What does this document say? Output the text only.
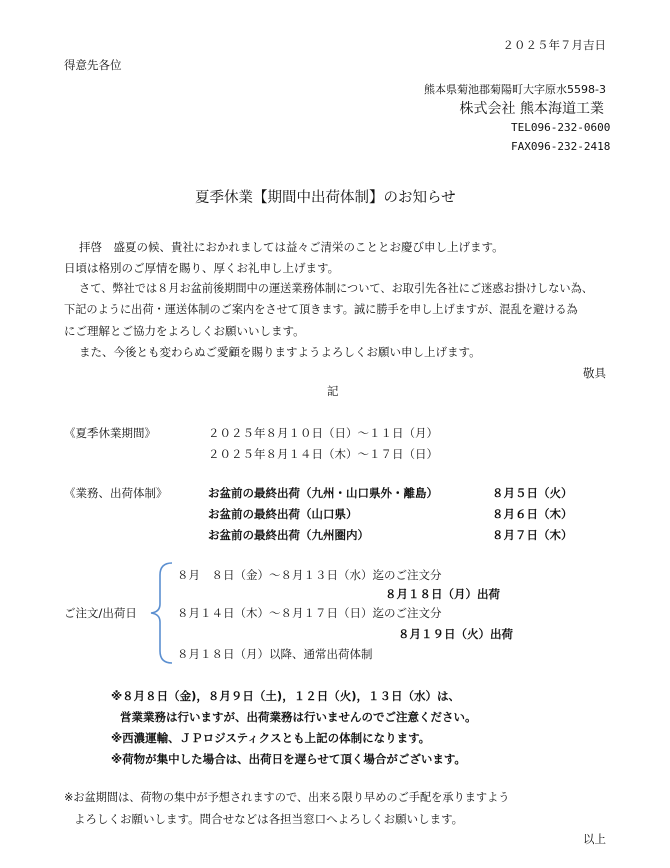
２０２５年７月吉日
得意先各位
熊本県菊池郡菊陽町大字原水5598-3
株式会社 熊本海道工業
TEL096-232-0600
FAX096-232-2418
夏季休業【期間中出荷体制】のお知らせ
拝啓　盛夏の候、貴社におかれましては益々ご清栄のこととお慶び申し上げます。
日頃は格別のご厚情を賜り、厚くお礼申し上げます。
さて、弊社では８月お盆前後期間中の運送業務体制について、お取引先各社にご迷惑お掛けしない為、
下記のように出荷・運送体制のご案内をさせて頂きます。誠に勝手を申し上げますが、混乱を避ける為
にご理解とご協力をよろしくお願いいします。
また、今後とも変わらぬご愛顧を賜りますようよろしくお願い申し上げます。
敬具
記
《夏季休業期間》	２０２５年８月１０日（日）～１１日（月）
２０２５年８月１４日（木）～１７日（日）
《業務、出荷体制》	お盆前の最終出荷（九州・山口県外・離島）	８月５日（火）
お盆前の最終出荷（山口県）	８月６日（木）
お盆前の最終出荷（九州圏内）	８月７日（木）
ご注文/出荷日
８月　８日（金）～８月１３日（水）迄のご注文分
８月１８日（月）出荷
８月１４日（木）～８月１７日（日）迄のご注文分
８月１９日（火）出荷
８月１８日（月）以降、通常出荷体制
※８月８日（金)，８月９日（土)，１２日（火)，１３日（水）は、
営業業務は行いますが、出荷業務は行いませんのでご注意ください。
※西濃運輸、ＪＰロジスティクスとも上記の体制になります。
※荷物が集中した場合は、出荷日を遅らせて頂く場合がございます。
※お盆期間は、荷物の集中が予想されますので、出来る限り早めのご手配を承りますよう
よろしくお願いします。問合せなどは各担当窓口へよろしくお願いします。
以上
